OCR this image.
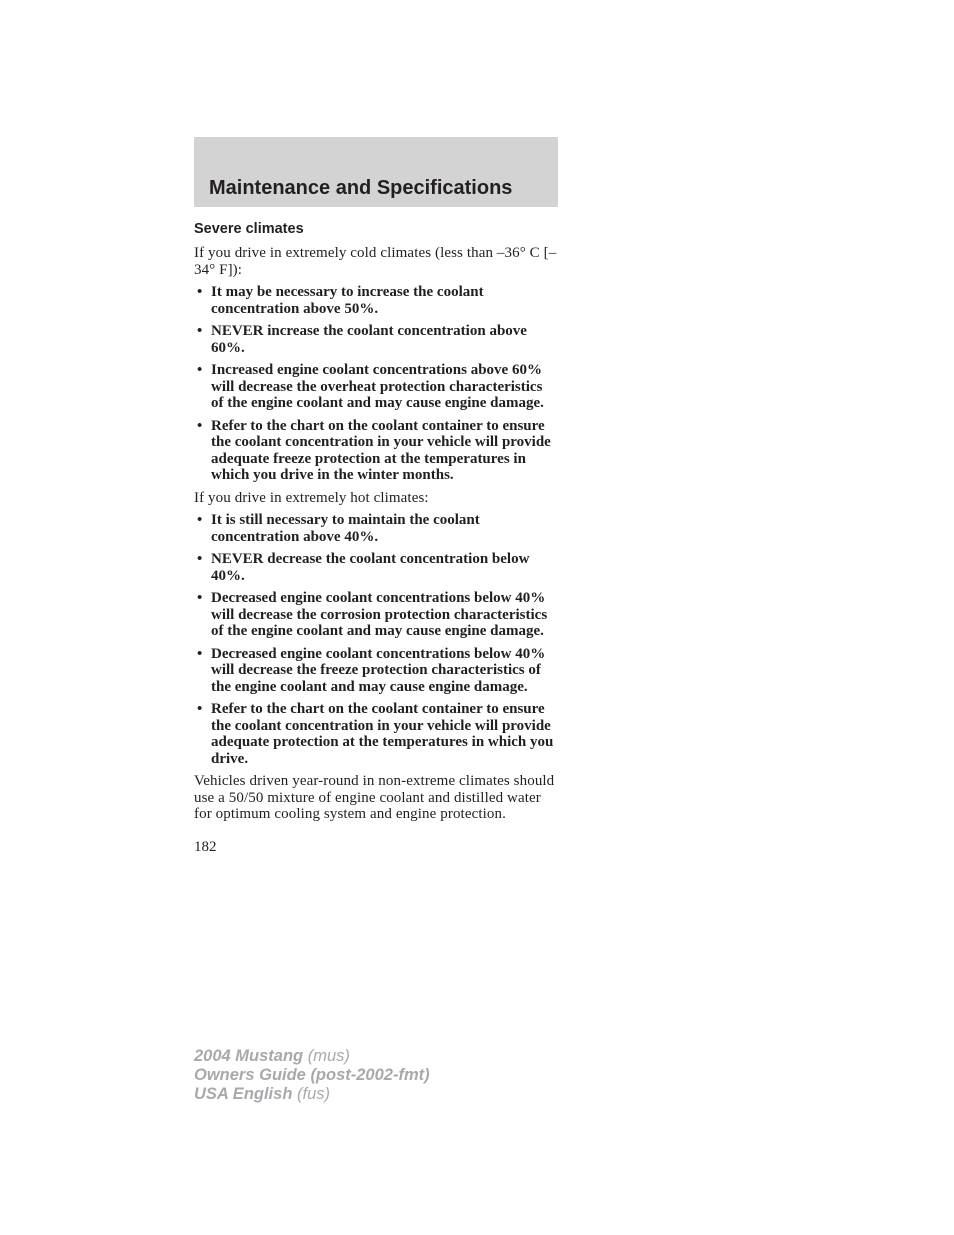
Maintenance and Specifications
Severe climates

If you drive in extremely cold climates (less than –36° C [–34° F]):

• It may be necessary to increase the coolant concentration above 50%.
• NEVER increase the coolant concentration above 60%.
• Increased engine coolant concentrations above 60% will decrease the overheat protection characteristics of the engine coolant and may cause engine damage.
• Refer to the chart on the coolant container to ensure the coolant concentration in your vehicle will provide adequate freeze protection at the temperatures in which you drive in the winter months.

If you drive in extremely hot climates:

• It is still necessary to maintain the coolant concentration above 40%.
• NEVER decrease the coolant concentration below 40%.
• Decreased engine coolant concentrations below 40% will decrease the corrosion protection characteristics of the engine coolant and may cause engine damage.
• Decreased engine coolant concentrations below 40% will decrease the freeze protection characteristics of the engine coolant and may cause engine damage.
• Refer to the chart on the coolant container to ensure the coolant concentration in your vehicle will provide adequate protection at the temperatures in which you drive.

Vehicles driven year-round in non-extreme climates should use a 50/50 mixture of engine coolant and distilled water for optimum cooling system and engine protection.

182
2004 Mustang (mus)
Owners Guide (post-2002-fmt)
USA English (fus)
